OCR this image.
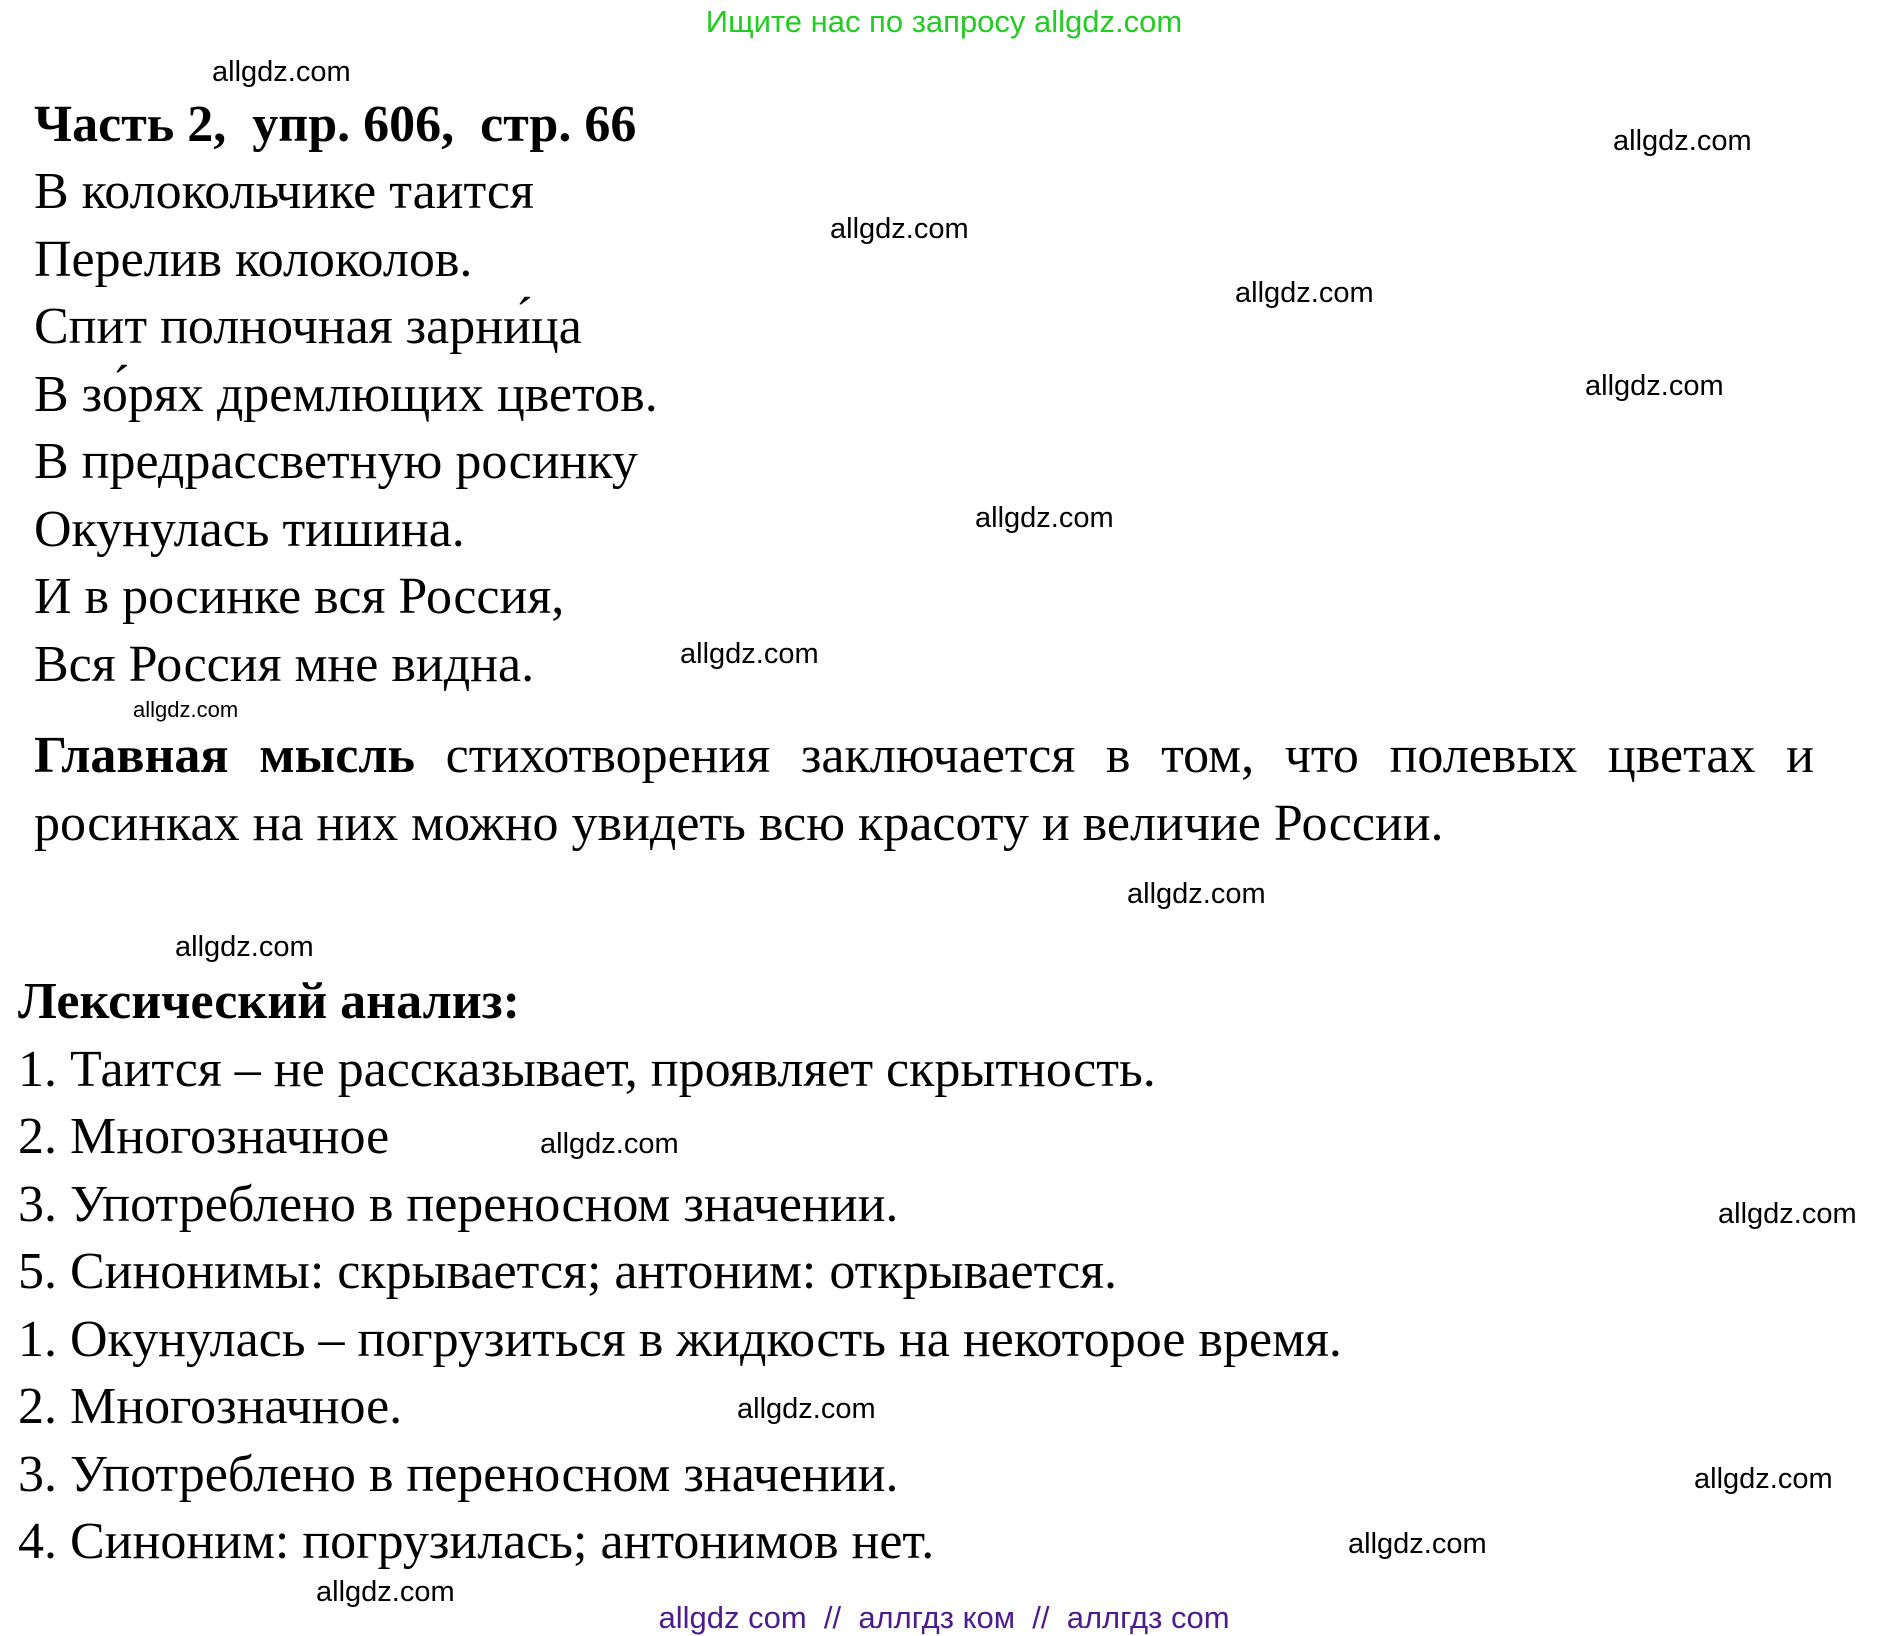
Ищите нас по запросу allgdz.com
Часть 2,  упр. 606,  стр. 66
В колокольчике таится
Перелив колоколов.
Спит полночная зарни́ца
В зо́рях дремлющих цветов.
В предрассветную росинку
Окунулась тишина.
И в росинке вся Россия,
Вся Россия мне видна.
Главная мысль стихотворения заключается в том, что полевых цветах и росинках на них можно увидеть всю красоту и величие России.
Лексический анализ:
1. Таится – не рассказывает, проявляет скрытность.
2. Многозначное
3. Употреблено в переносном значении.
5. Синонимы: скрывается; антоним: открывается.
1. Окунулась – погрузиться в жидкость на некоторое время.
2. Многозначное.
3. Употреблено в переносном значении.
4. Синоним: погрузилась; антонимов нет.
allgdz.com
allgdz.com
allgdz.com
allgdz.com
allgdz.com
allgdz.com
allgdz.com
allgdz.com
allgdz.com
allgdz.com
allgdz.com
allgdz.com
allgdz.com
allgdz.com
allgdz.com
allgdz.com
allgdz com  //  аллгдз ком  //  аллгдз com
